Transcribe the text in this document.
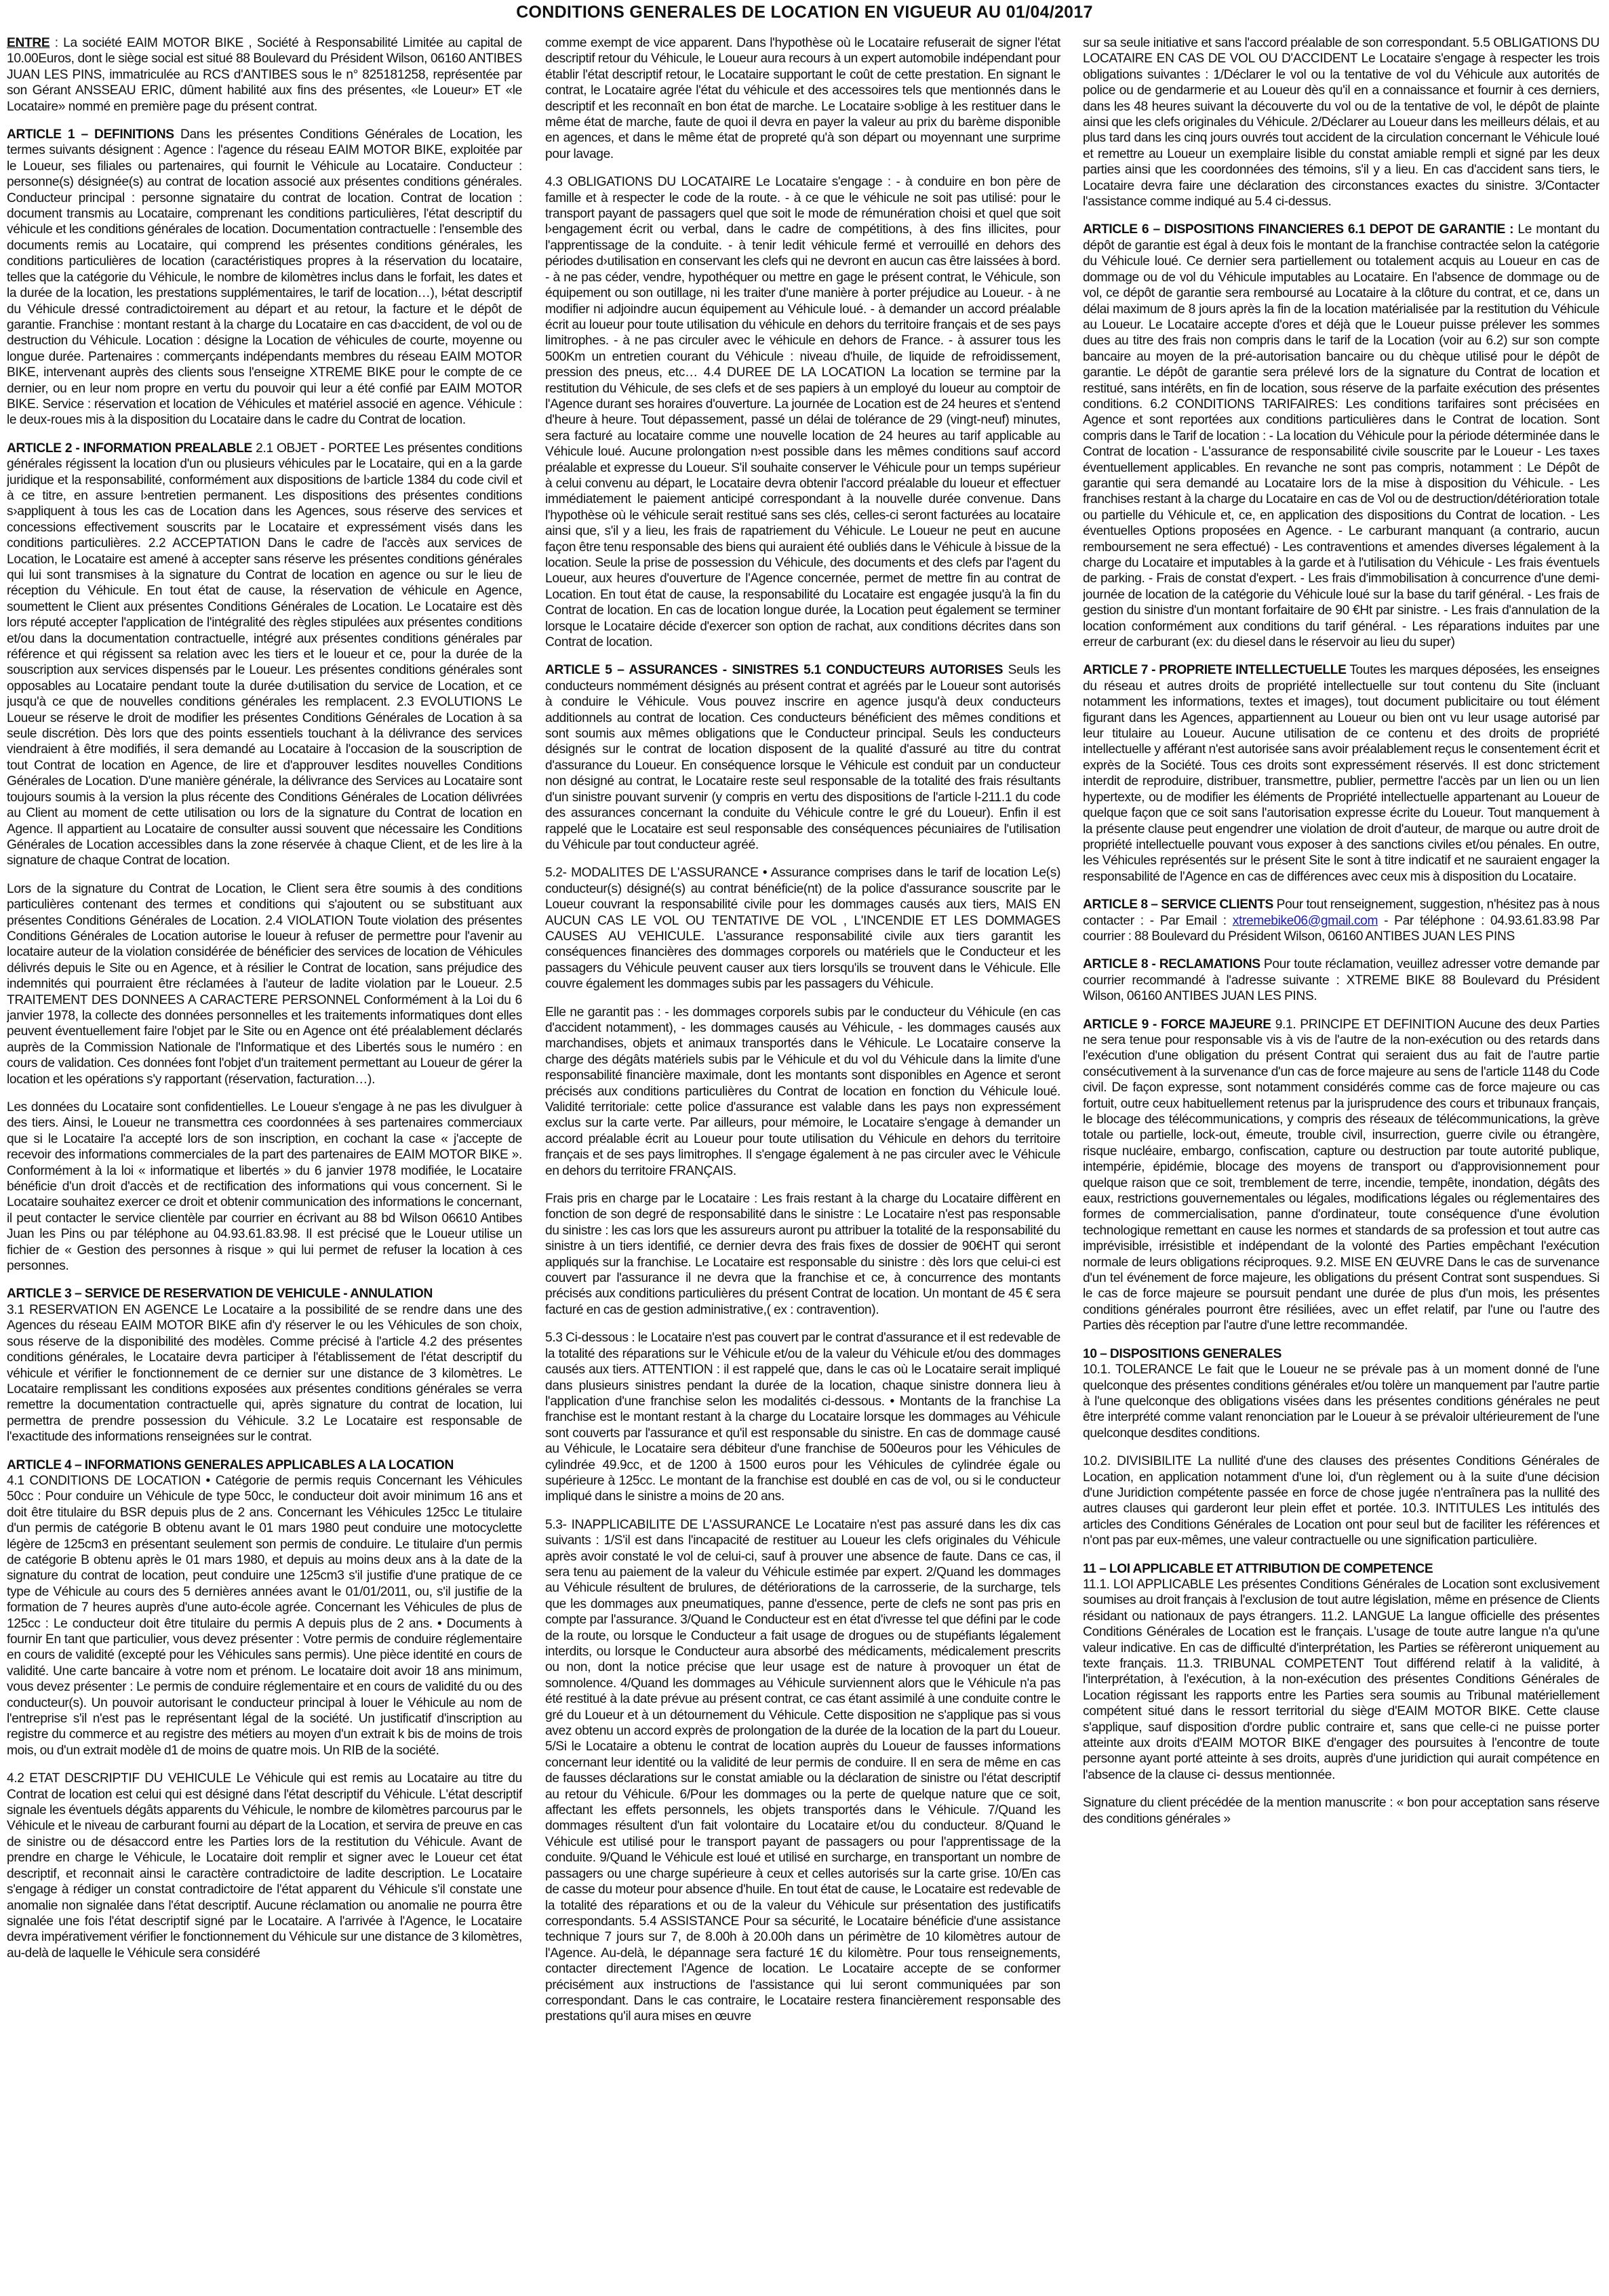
CONDITIONS GENERALES DE LOCATION EN VIGUEUR AU 01/04/2017

ENTRE : La société EAIM MOTOR BIKE , Société à Responsabilité Limitée au capital de 10.00Euros, dont le siège social est situé 88 Boulevard du Président Wilson, 06160 ANTIBES JUAN LES PINS, immatriculée au RCS d'ANTIBES sous le n° 825181258, représentée par son Gérant ANSSEAU ERIC, dûment habilité aux fins des présentes, «le Loueur» ET «le Locataire» nommé en première page du présent contrat.

ARTICLE 1 – DEFINITIONS Dans les présentes Conditions Générales de Location, les termes suivants désignent : Agence : l'agence du réseau EAIM MOTOR BIKE, exploitée par le Loueur, ses filiales ou partenaires, qui fournit le Véhicule au Locataire. Conducteur : personne(s) désignée(s) au contrat de location associé aux présentes conditions générales. Conducteur principal : personne signataire du contrat de location. Contrat de location : document transmis au Locataire, comprenant les conditions particulières, l'état descriptif du véhicule et les conditions générales de location. Documentation contractuelle : l'ensemble des documents remis au Locataire, qui comprend les présentes conditions générales, les conditions particulières de location (caractéristiques propres à la réservation du locataire, telles que la catégorie du Véhicule, le nombre de kilomètres inclus dans le forfait, les dates et la durée de la location, les prestations supplémentaires, le tarif de location…), l›état descriptif du Véhicule dressé contradictoirement au départ et au retour, la facture et le dépôt de garantie. Franchise : montant restant à la charge du Locataire en cas d›accident, de vol ou de destruction du Véhicule. Location : désigne la Location de véhicules de courte, moyenne ou longue durée. Partenaires : commerçants indépendants membres du réseau EAIM MOTOR BIKE, intervenant auprès des clients sous l'enseigne XTREME BIKE pour le compte de ce dernier, ou en leur nom propre en vertu du pouvoir qui leur a été confié par EAIM MOTOR BIKE. Service : réservation et location de Véhicules et matériel associé en agence. Véhicule : le deux-roues mis à la disposition du Locataire dans le cadre du Contrat de location.

ARTICLE 2 - INFORMATION PREALABLE 2.1 OBJET - PORTEE Les présentes conditions générales régissent la location d'un ou plusieurs véhicules par le Locataire, qui en a la garde juridique et la responsabilité, conformément aux dispositions de l›article 1384 du code civil et à ce titre, en assure l›entretien permanent. Les dispositions des présentes conditions s›appliquent à tous les cas de Location dans les Agences, sous réserve des services et concessions effectivement souscrits par le Locataire et expressément visés dans les conditions particulières. 2.2 ACCEPTATION Dans le cadre de l'accès aux services de Location, le Locataire est amené à accepter sans réserve les présentes conditions générales qui lui sont transmises à la signature du Contrat de location en agence ou sur le lieu de réception du Véhicule. En tout état de cause, la réservation de véhicule en Agence, soumettent le Client aux présentes Conditions Générales de Location. Le Locataire est dès lors réputé accepter l'application de l'intégralité des règles stipulées aux présentes conditions et/ou dans la documentation contractuelle, intégré aux présentes conditions générales par référence et qui régissent sa relation avec les tiers et le loueur et ce, pour la durée de la souscription aux services dispensés par le Loueur. Les présentes conditions générales sont opposables au Locataire pendant toute la durée d›utilisation du service de Location, et ce jusqu'à ce que de nouvelles conditions générales les remplacent. 2.3 EVOLUTIONS Le Loueur se réserve le droit de modifier les présentes Conditions Générales de Location à sa seule discrétion. Dès lors que des points essentiels touchant à la délivrance des services viendraient à être modifiés, il sera demandé au Locataire à l'occasion de la souscription de tout Contrat de location en Agence, de lire et d'approuver lesdites nouvelles Conditions Générales de Location. D'une manière générale, la délivrance des Services au Locataire sont toujours soumis à la version la plus récente des Conditions Générales de Location délivrées au Client au moment de cette utilisation ou lors de la signature du Contrat de location en Agence. Il appartient au Locataire de consulter aussi souvent que nécessaire les Conditions Générales de Location accessibles dans la zone réservée à chaque Client, et de les lire à la signature de chaque Contrat de location.

Lors de la signature du Contrat de Location, le Client sera être soumis à des conditions particulières contenant des termes et conditions qui s'ajoutent ou se substituant aux présentes Conditions Générales de Location. 2.4 VIOLATION Toute violation des présentes Conditions Générales de Location autorise le loueur à refuser de permettre pour l'avenir au locataire auteur de la violation considérée de bénéficier des services de location de Véhicules délivrés depuis le Site ou en Agence, et à résilier le Contrat de location, sans préjudice des indemnités qui pourraient être réclamées à l'auteur de ladite violation par le Loueur. 2.5 TRAITEMENT DES DONNEES A CARACTERE PERSONNEL Conformément à la Loi du 6 janvier 1978, la collecte des données personnelles et les traitements informatiques dont elles peuvent éventuellement faire l'objet par le Site ou en Agence ont été préalablement déclarés auprès de la Commission Nationale de l'Informatique et des Libertés sous le numéro : en cours de validation. Ces données font l'objet d'un traitement permettant au Loueur de gérer la location et les opérations s'y rapportant (réservation, facturation…).

Les données du Locataire sont confidentielles. Le Loueur s'engage à ne pas les divulguer à des tiers. Ainsi, le Loueur ne transmettra ces coordonnées à ses partenaires commerciaux que si le Locataire l'a accepté lors de son inscription, en cochant la case « j'accepte de recevoir des informations commerciales de la part des partenaires de EAIM MOTOR BIKE ». Conformément à la loi « informatique et libertés » du 6 janvier 1978 modifiée, le Locataire bénéficie d'un droit d'accès et de rectification des informations qui vous concernent. Si le Locataire souhaitez exercer ce droit et obtenir communication des informations le concernant, il peut contacter le service clientèle par courrier en écrivant au 88 bd Wilson 06610 Antibes Juan les Pins ou par téléphone au 04.93.61.83.98. Il est précisé que le Loueur utilise un fichier de « Gestion des personnes à risque » qui lui permet de refuser la location à ces personnes.

ARTICLE 3 – SERVICE DE RESERVATION DE VEHICULE - ANNULATION

3.1 RESERVATION EN AGENCE Le Locataire a la possibilité de se rendre dans une des Agences du réseau EAIM MOTOR BIKE afin d'y réserver le ou les Véhicules de son choix, sous réserve de la disponibilité des modèles. Comme précisé à l'article 4.2 des présentes conditions générales, le Locataire devra participer à l'établissement de l'état descriptif du véhicule et vérifier le fonctionnement de ce dernier sur une distance de 3 kilomètres. Le Locataire remplissant les conditions exposées aux présentes conditions générales se verra remettre la documentation contractuelle qui, après signature du contrat de location, lui permettra de prendre possession du Véhicule. 3.2 Le Locataire est responsable de l'exactitude des informations renseignées sur le contrat.

ARTICLE 4 – INFORMATIONS GENERALES APPLICABLES A LA LOCATION

4.1 CONDITIONS DE LOCATION • Catégorie de permis requis Concernant les Véhicules 50cc : Pour conduire un Véhicule de type 50cc, le conducteur doit avoir minimum 16 ans et doit être titulaire du BSR depuis plus de 2 ans. Concernant les Véhicules 125cc Le titulaire d'un permis de catégorie B obtenu avant le 01 mars 1980 peut conduire une motocyclette légère de 125cm3 en présentant seulement son permis de conduire. Le titulaire d'un permis de catégorie B obtenu après le 01 mars 1980, et depuis au moins deux ans à la date de la signature du contrat de location, peut conduire une 125cm3 s'il justifie d'une pratique de ce type de Véhicule au cours des 5 dernières années avant le 01/01/2011, ou, s'il justifie de la formation de 7 heures auprès d'une auto-école agrée. Concernant les Véhicules de plus de 125cc : Le conducteur doit être titulaire du permis A depuis plus de 2 ans. • Documents à fournir En tant que particulier, vous devez présenter : Votre permis de conduire réglementaire en cours de validité (excepté pour les Véhicules sans permis). Une pièce identité en cours de validité. Une carte bancaire à votre nom et prénom. Le locataire doit avoir 18 ans minimum, vous devez présenter : Le permis de conduire réglementaire et en cours de validité du ou des conducteur(s). Un pouvoir autorisant le conducteur principal à louer le Véhicule au nom de l'entreprise s'il n'est pas le représentant légal de la société. Un justificatif d'inscription au registre du commerce et au registre des métiers au moyen d'un extrait k bis de moins de trois mois, ou d'un extrait modèle d1 de moins de quatre mois. Un RIB de la société.

4.2 ETAT DESCRIPTIF DU VEHICULE Le Véhicule qui est remis au Locataire au titre du Contrat de location est celui qui est désigné dans l'état descriptif du Véhicule. L'état descriptif signale les éventuels dégâts apparents du Véhicule, le nombre de kilomètres parcourus par le Véhicule et le niveau de carburant fourni au départ de la Location, et servira de preuve en cas de sinistre ou de désaccord entre les Parties lors de la restitution du Véhicule. Avant de prendre en charge le Véhicule, le Locataire doit remplir et signer avec le Loueur cet état descriptif, et reconnait ainsi le caractère contradictoire de ladite description. Le Locataire s'engage à rédiger un constat contradictoire de l'état apparent du Véhicule s'il constate une anomalie non signalée dans l'état descriptif. Aucune réclamation ou anomalie ne pourra être signalée une fois l'état descriptif signé par le Locataire. A l'arrivée à l'Agence, le Locataire devra impérativement vérifier le fonctionnement du Véhicule sur une distance de 3 kilomètres, au-delà de laquelle le Véhicule sera considéré

comme exempt de vice apparent. Dans l'hypothèse où le Locataire refuserait de signer l'état descriptif retour du Véhicule, le Loueur aura recours à un expert automobile indépendant pour établir l'état descriptif retour, le Locataire supportant le coût de cette prestation. En signant le contrat, le Locataire agrée l'état du véhicule et des accessoires tels que mentionnés dans le descriptif et les reconnaît en bon état de marche. Le Locataire s›oblige à les restituer dans le même état de marche, faute de quoi il devra en payer la valeur au prix du barème disponible en agences, et dans le même état de propreté qu'à son départ ou moyennant une surprime pour lavage.

4.3 OBLIGATIONS DU LOCATAIRE Le Locataire s'engage : - à conduire en bon père de famille et à respecter le code de la route. - à ce que le véhicule ne soit pas utilisé: pour le transport payant de passagers quel que soit le mode de rémunération choisi et quel que soit l›engagement écrit ou verbal, dans le cadre de compétitions, à des fins illicites, pour l'apprentissage de la conduite. - à tenir ledit véhicule fermé et verrouillé en dehors des périodes d›utilisation en conservant les clefs qui ne devront en aucun cas être laissées à bord. - à ne pas céder, vendre, hypothéquer ou mettre en gage le présent contrat, le Véhicule, son équipement ou son outillage, ni les traiter d'une manière à porter préjudice au Loueur. - à ne modifier ni adjoindre aucun équipement au Véhicule loué. - à demander un accord préalable écrit au loueur pour toute utilisation du véhicule en dehors du territoire français et de ses pays limitrophes. - à ne pas circuler avec le véhicule en dehors de France. - à assurer tous les 500Km un entretien courant du Véhicule : niveau d'huile, de liquide de refroidissement, pression des pneus, etc… 4.4 DUREE DE LA LOCATION La location se termine par la restitution du Véhicule, de ses clefs et de ses papiers à un employé du loueur au comptoir de l'Agence durant ses horaires d'ouverture. La journée de Location est de 24 heures et s'entend d'heure à heure. Tout dépassement, passé un délai de tolérance de 29 (vingt-neuf) minutes, sera facturé au locataire comme une nouvelle location de 24 heures au tarif applicable au Véhicule loué. Aucune prolongation n›est possible dans les mêmes conditions sauf accord préalable et expresse du Loueur. S'il souhaite conserver le Véhicule pour un temps supérieur à celui convenu au départ, le Locataire devra obtenir l'accord préalable du loueur et effectuer immédiatement le paiement anticipé correspondant à la nouvelle durée convenue. Dans l'hypothèse où le véhicule serait restitué sans ses clés, celles-ci seront facturées au locataire ainsi que, s'il y a lieu, les frais de rapatriement du Véhicule. Le Loueur ne peut en aucune façon être tenu responsable des biens qui auraient été oubliés dans le Véhicule à l›issue de la location. Seule la prise de possession du Véhicule, des documents et des clefs par l'agent du Loueur, aux heures d'ouverture de l'Agence concernée, permet de mettre fin au contrat de Location. En tout état de cause, la responsabilité du Locataire est engagée jusqu'à la fin du Contrat de location. En cas de location longue durée, la Location peut également se terminer lorsque le Locataire décide d'exercer son option de rachat, aux conditions décrites dans son Contrat de location.

ARTICLE 5 – ASSURANCES - SINISTRES 5.1 CONDUCTEURS AUTORISES Seuls les conducteurs nommément désignés au présent contrat et agréés par le Loueur sont autorisés à conduire le Véhicule. Vous pouvez inscrire en agence jusqu'à deux conducteurs additionnels au contrat de location. Ces conducteurs bénéficient des mêmes conditions et sont soumis aux mêmes obligations que le Conducteur principal. Seuls les conducteurs désignés sur le contrat de location disposent de la qualité d'assuré au titre du contrat d'assurance du Loueur. En conséquence lorsque le Véhicule est conduit par un conducteur non désigné au contrat, le Locataire reste seul responsable de la totalité des frais résultants d'un sinistre pouvant survenir (y compris en vertu des dispositions de l'article l-211.1 du code des assurances concernant la conduite du Véhicule contre le gré du Loueur). Enfin il est rappelé que le Locataire est seul responsable des conséquences pécuniaires de l'utilisation du Véhicule par tout conducteur agréé.

5.2- MODALITES DE L'ASSURANCE • Assurance comprises dans le tarif de location Le(s) conducteur(s) désigné(s) au contrat bénéficie(nt) de la police d'assurance souscrite par le Loueur couvrant la responsabilité civile pour les dommages causés aux tiers, MAIS EN AUCUN CAS LE VOL OU TENTATIVE DE VOL , L'INCENDIE ET LES DOMMAGES CAUSES AU VEHICULE. L'assurance responsabilité civile aux tiers garantit les conséquences financières des dommages corporels ou matériels que le Conducteur et les passagers du Véhicule peuvent causer aux tiers lorsqu'ils se trouvent dans le Véhicule. Elle couvre également les dommages subis par les passagers du Véhicule.

Elle ne garantit pas : - les dommages corporels subis par le conducteur du Véhicule (en cas d'accident notamment), - les dommages causés au Véhicule, - les dommages causés aux marchandises, objets et animaux transportés dans le Véhicule. Le Locataire conserve la charge des dégâts matériels subis par le Véhicule et du vol du Véhicule dans la limite d'une responsabilité financière maximale, dont les montants sont disponibles en Agence et seront précisés aux conditions particulières du Contrat de location en fonction du Véhicule loué. Validité territoriale: cette police d'assurance est valable dans les pays non expressément exclus sur la carte verte. Par ailleurs, pour mémoire, le Locataire s'engage à demander un accord préalable écrit au Loueur pour toute utilisation du Véhicule en dehors du territoire français et de ses pays limitrophes. Il s'engage également à ne pas circuler avec le Véhicule en dehors du territoire FRANÇAIS.

Frais pris en charge par le Locataire : Les frais restant à la charge du Locataire diffèrent en fonction de son degré de responsabilité dans le sinistre : Le Locataire n'est pas responsable du sinistre : les cas lors que les assureurs auront pu attribuer la totalité de la responsabilité du sinistre à un tiers identifié, ce dernier devra des frais fixes de dossier de 90€HT qui seront appliqués sur la franchise. Le Locataire est responsable du sinistre : dès lors que celui-ci est couvert par l'assurance il ne devra que la franchise et ce, à concurrence des montants précisés aux conditions particulières du présent Contrat de location. Un montant de 45 € sera facturé en cas de gestion administrative,( ex : contravention).

5.3 Ci-dessous : le Locataire n'est pas couvert par le contrat d'assurance et il est redevable de la totalité des réparations sur le Véhicule et/ou de la valeur du Véhicule et/ou des dommages causés aux tiers. ATTENTION : il est rappelé que, dans le cas où le Locataire serait impliqué dans plusieurs sinistres pendant la durée de la location, chaque sinistre donnera lieu à l'application d'une franchise selon les modalités ci-dessous. • Montants de la franchise La franchise est le montant restant à la charge du Locataire lorsque les dommages au Véhicule sont couverts par l'assurance et qu'il est responsable du sinistre. En cas de dommage causé au Véhicule, le Locataire sera débiteur d'une franchise de 500euros pour les Véhicules de cylindrée 49.9cc, et de 1200 à 1500 euros pour les Véhicules de cylindrée égale ou supérieure à 125cc. Le montant de la franchise est doublé en cas de vol, ou si le conducteur impliqué dans le sinistre a moins de 20 ans.

5.3- INAPPLICABILITE DE L'ASSURANCE Le Locataire n'est pas assuré dans les dix cas suivants : 1/S'il est dans l'incapacité de restituer au Loueur les clefs originales du Véhicule après avoir constaté le vol de celui-ci, sauf à prouver une absence de faute. Dans ce cas, il sera tenu au paiement de la valeur du Véhicule estimée par expert. 2/Quand les dommages au Véhicule résultent de brulures, de détériorations de la carrosserie, de la surcharge, tels que les dommages aux pneumatiques, panne d'essence, perte de clefs ne sont pas pris en compte par l'assurance. 3/Quand le Conducteur est en état d'ivresse tel que défini par le code de la route, ou lorsque le Conducteur a fait usage de drogues ou de stupéfiants légalement interdits, ou lorsque le Conducteur aura absorbé des médicaments, médicalement prescrits ou non, dont la notice précise que leur usage est de nature à provoquer un état de somnolence. 4/Quand les dommages au Véhicule surviennent alors que le Véhicule n'a pas été restitué à la date prévue au présent contrat, ce cas étant assimilé à une conduite contre le gré du Loueur et à un détournement du Véhicule. Cette disposition ne s'applique pas si vous avez obtenu un accord exprès de prolongation de la durée de la location de la part du Loueur. 5/Si le Locataire a obtenu le contrat de location auprès du Loueur de fausses informations concernant leur identité ou la validité de leur permis de conduire. Il en sera de même en cas de fausses déclarations sur le constat amiable ou la déclaration de sinistre ou l'état descriptif au retour du Véhicule. 6/Pour les dommages ou la perte de quelque nature que ce soit, affectant les effets personnels, les objets transportés dans le Véhicule. 7/Quand les dommages résultent d'un fait volontaire du Locataire et/ou du conducteur. 8/Quand le Véhicule est utilisé pour le transport payant de passagers ou pour l'apprentissage de la conduite. 9/Quand le Véhicule est loué et utilisé en surcharge, en transportant un nombre de passagers ou une charge supérieure à ceux et celles autorisés sur la carte grise. 10/En cas de casse du moteur pour absence d'huile. En tout état de cause, le Locataire est redevable de la totalité des réparations et ou de la valeur du Véhicule sur présentation des justificatifs correspondants. 5.4 ASSISTANCE Pour sa sécurité, le Locataire bénéficie d'une assistance technique 7 jours sur 7, de 8.00h à 20.00h dans un périmètre de 10 kilomètres autour de l'Agence. Au-delà, le dépannage sera facturé 1€ du kilomètre. Pour tous renseignements, contacter directement l'Agence de location. Le Locataire accepte de se conformer précisément aux instructions de l'assistance qui lui seront communiquées par son correspondant. Dans le cas contraire, le Locataire restera financièrement responsable des prestations qu'il aura mises en œuvre

sur sa seule initiative et sans l'accord préalable de son correspondant. 5.5 OBLIGATIONS DU LOCATAIRE EN CAS DE VOL OU D'ACCIDENT Le Locataire s'engage à respecter les trois obligations suivantes : 1/Déclarer le vol ou la tentative de vol du Véhicule aux autorités de police ou de gendarmerie et au Loueur dès qu'il en a connaissance et fournir à ces derniers, dans les 48 heures suivant la découverte du vol ou de la tentative de vol, le dépôt de plainte ainsi que les clefs originales du Véhicule. 2/Déclarer au Loueur dans les meilleurs délais, et au plus tard dans les cinq jours ouvrés tout accident de la circulation concernant le Véhicule loué et remettre au Loueur un exemplaire lisible du constat amiable rempli et signé par les deux parties ainsi que les coordonnées des témoins, s'il y a lieu. En cas d'accident sans tiers, le Locataire devra faire une déclaration des circonstances exactes du sinistre. 3/Contacter l'assistance comme indiqué au 5.4 ci-dessus.

ARTICLE 6 – DISPOSITIONS FINANCIERES 6.1 DEPOT DE GARANTIE : Le montant du dépôt de garantie est égal à deux fois le montant de la franchise contractée selon la catégorie du Véhicule loué. Ce dernier sera partiellement ou totalement acquis au Loueur en cas de dommage ou de vol du Véhicule imputables au Locataire. En l'absence de dommage ou de vol, ce dépôt de garantie sera remboursé au Locataire à la clôture du contrat, et ce, dans un délai maximum de 8 jours après la fin de la location matérialisée par la restitution du Véhicule au Loueur. Le Locataire accepte d'ores et déjà que le Loueur puisse prélever les sommes dues au titre des frais non compris dans le tarif de la Location (voir au 6.2) sur son compte bancaire au moyen de la pré-autorisation bancaire ou du chèque utilisé pour le dépôt de garantie. Le dépôt de garantie sera prélevé lors de la signature du Contrat de location et restitué, sans intérêts, en fin de location, sous réserve de la parfaite exécution des présentes conditions. 6.2 CONDITIONS TARIFAIRES: Les conditions tarifaires sont précisées en Agence et sont reportées aux conditions particulières dans le Contrat de location. Sont compris dans le Tarif de location : - La location du Véhicule pour la période déterminée dans le Contrat de location - L'assurance de responsabilité civile souscrite par le Loueur - Les taxes éventuellement applicables. En revanche ne sont pas compris, notamment : Le Dépôt de garantie qui sera demandé au Locataire lors de la mise à disposition du Véhicule. - Les franchises restant à la charge du Locataire en cas de Vol ou de destruction/détérioration totale ou partielle du Véhicule et, ce, en application des dispositions du Contrat de location. - Les éventuelles Options proposées en Agence. - Le carburant manquant (a contrario, aucun remboursement ne sera effectué) - Les contraventions et amendes diverses légalement à la charge du Locataire et imputables à la garde et à l'utilisation du Véhicule - Les frais éventuels de parking. - Frais de constat d'expert. - Les frais d'immobilisation à concurrence d'une demi-journée de location de la catégorie du Véhicule loué sur la base du tarif général. - Les frais de gestion du sinistre d'un montant forfaitaire de 90 €Ht par sinistre. - Les frais d'annulation de la location conformément aux conditions du tarif général. - Les réparations induites par une erreur de carburant (ex: du diesel dans le réservoir au lieu du super)

ARTICLE 7 - PROPRIETE INTELLECTUELLE Toutes les marques déposées, les enseignes du réseau et autres droits de propriété intellectuelle sur tout contenu du Site (incluant notamment les informations, textes et images), tout document publicitaire ou tout élément figurant dans les Agences, appartiennent au Loueur ou bien ont vu leur usage autorisé par leur titulaire au Loueur. Aucune utilisation de ce contenu et des droits de propriété intellectuelle y afférant n'est autorisée sans avoir préalablement reçus le consentement écrit et exprès de la Société. Tous ces droits sont expressément réservés. Il est donc strictement interdit de reproduire, distribuer, transmettre, publier, permettre l'accès par un lien ou un lien hypertexte, ou de modifier les éléments de Propriété intellectuelle appartenant au Loueur de quelque façon que ce soit sans l'autorisation expresse écrite du Loueur. Tout manquement à la présente clause peut engendrer une violation de droit d'auteur, de marque ou autre droit de propriété intellectuelle pouvant vous exposer à des sanctions civiles et/ou pénales. En outre, les Véhicules représentés sur le présent Site le sont à titre indicatif et ne sauraient engager la responsabilité de l'Agence en cas de différences avec ceux mis à disposition du Locataire.

ARTICLE 8 – SERVICE CLIENTS Pour tout renseignement, suggestion, n'hésitez pas à nous contacter : - Par Email : xtremebike06@gmail.com - Par téléphone : 04.93.61.83.98 Par courrier : 88 Boulevard du Président Wilson, 06160 ANTIBES JUAN LES PINS

ARTICLE 8 - RECLAMATIONS Pour toute réclamation, veuillez adresser votre demande par courrier recommandé à l'adresse suivante : XTREME BIKE 88 Boulevard du Président Wilson, 06160 ANTIBES JUAN LES PINS.

ARTICLE 9 - FORCE MAJEURE 9.1. PRINCIPE ET DEFINITION Aucune des deux Parties ne sera tenue pour responsable vis à vis de l'autre de la non-exécution ou des retards dans l'exécution d'une obligation du présent Contrat qui seraient dus au fait de l'autre partie consécutivement à la survenance d'un cas de force majeure au sens de l'article 1148 du Code civil. De façon expresse, sont notamment considérés comme cas de force majeure ou cas fortuit, outre ceux habituellement retenus par la jurisprudence des cours et tribunaux français, le blocage des télécommunications, y compris des réseaux de télécommunications, la grève totale ou partielle, lock-out, émeute, trouble civil, insurrection, guerre civile ou étrangère, risque nucléaire, embargo, confiscation, capture ou destruction par toute autorité publique, intempérie, épidémie, blocage des moyens de transport ou d'approvisionnement pour quelque raison que ce soit, tremblement de terre, incendie, tempête, inondation, dégâts des eaux, restrictions gouvernementales ou légales, modifications légales ou réglementaires des formes de commercialisation, panne d'ordinateur, toute conséquence d'une évolution technologique remettant en cause les normes et standards de sa profession et tout autre cas imprévisible, irrésistible et indépendant de la volonté des Parties empêchant l'exécution normale de leurs obligations réciproques. 9.2. MISE EN ŒUVRE Dans le cas de survenance d'un tel événement de force majeure, les obligations du présent Contrat sont suspendues. Si le cas de force majeure se poursuit pendant une durée de plus d'un mois, les présentes conditions générales pourront être résiliées, avec un effet relatif, par l'une ou l'autre des Parties dès réception par l'autre d'une lettre recommandée.

10 – DISPOSITIONS GENERALES

10.1. TOLERANCE Le fait que le Loueur ne se prévale pas à un moment donné de l'une quelconque des présentes conditions générales et/ou tolère un manquement par l'autre partie à l'une quelconque des obligations visées dans les présentes conditions générales ne peut être interprété comme valant renonciation par le Loueur à se prévaloir ultérieurement de l'une quelconque desdites conditions.

10.2. DIVISIBILITE La nullité d'une des clauses des présentes Conditions Générales de Location, en application notamment d'une loi, d'un règlement ou à la suite d'une décision d'une Juridiction compétente passée en force de chose jugée n'entraînera pas la nullité des autres clauses qui garderont leur plein effet et portée. 10.3. INTITULES Les intitulés des articles des Conditions Générales de Location ont pour seul but de faciliter les références et n'ont pas par eux-mêmes, une valeur contractuelle ou une signification particulière.

11 – LOI APPLICABLE ET ATTRIBUTION DE COMPETENCE

11.1. LOI APPLICABLE Les présentes Conditions Générales de Location sont exclusivement soumises au droit français à l'exclusion de tout autre législation, même en présence de Clients résidant ou nationaux de pays étrangers. 11.2. LANGUE La langue officielle des présentes Conditions Générales de Location est le français. L'usage de toute autre langue n'a qu'une valeur indicative. En cas de difficulté d'interprétation, les Parties se réfèreront uniquement au texte français. 11.3. TRIBUNAL COMPETENT Tout différend relatif à la validité, à l'interprétation, à l'exécution, à la non-exécution des présentes Conditions Générales de Location régissant les rapports entre les Parties sera soumis au Tribunal matériellement compétent situé dans le ressort territorial du siège d'EAIM MOTOR BIKE. Cette clause s'applique, sauf disposition d'ordre public contraire et, sans que celle-ci ne puisse porter atteinte aux droits d'EAIM MOTOR BIKE d'engager des poursuites à l'encontre de toute personne ayant porté atteinte à ses droits, auprès d'une juridiction qui aurait compétence en l'absence de la clause ci- dessus mentionnée.

Signature du client précédée de la mention manuscrite : « bon pour acceptation sans réserve des conditions générales »
